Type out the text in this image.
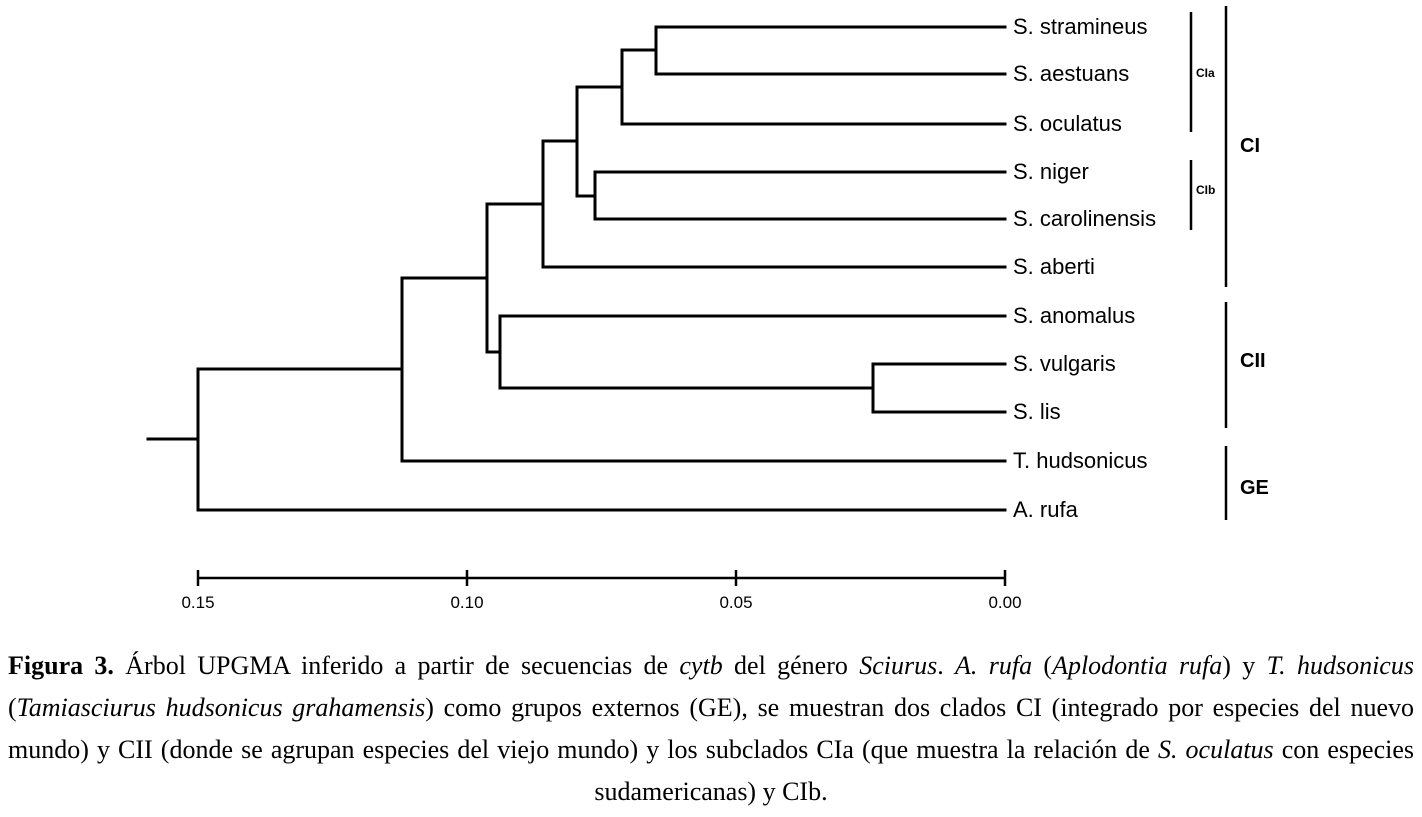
S. stramineus
S. aestuans
S. oculatus
S. niger
S. carolinensis
S. aberti
S. anomalus
S. vulgaris
S. lis
T. hudsonicus
A. rufa
CIa
CIb
CI
CII
GE
0.15	0.10	0.05	0.00
Figura 3. Árbol UPGMA inferido a partir de secuencias de cytb del género Sciurus. A. rufa (Aplodontia rufa) y T. hudsonicus (Tamiasciurus hudsonicus grahamensis) como grupos externos (GE), se muestran dos clados CI (integrado por especies del nuevo mundo) y CII (donde se agrupan especies del viejo mundo) y los subclados CIa (que muestra la relación de S. oculatus con especies sudamericanas) y CIb.
